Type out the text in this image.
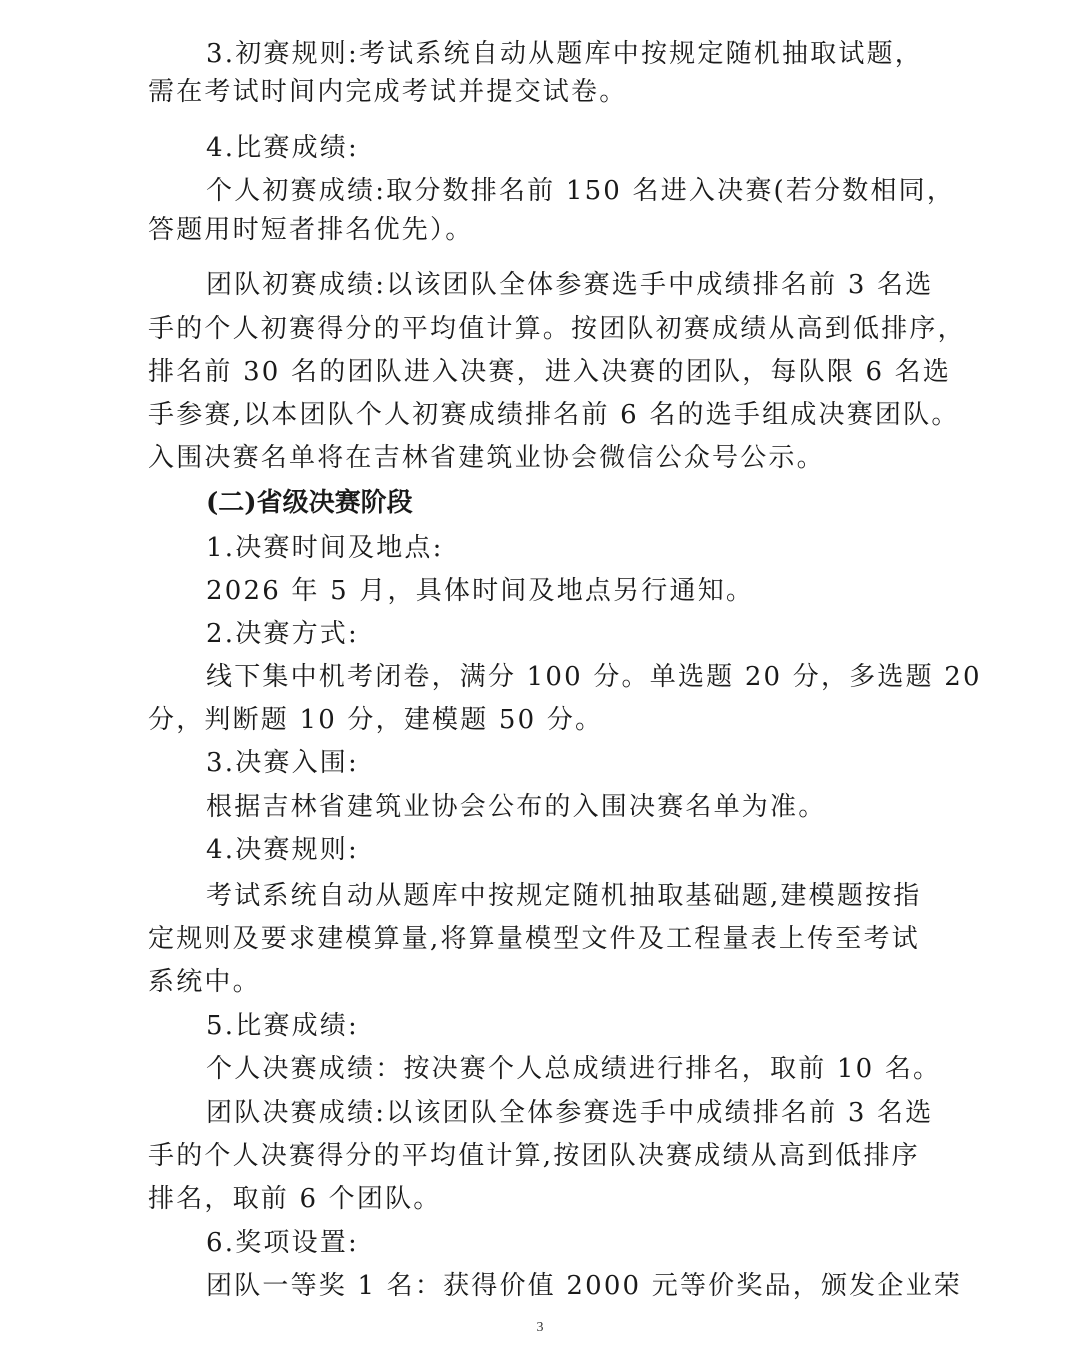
3.初赛规则:考试系统自动从题库中按规定随机抽取试题，
需在考试时间内完成考试并提交试卷。
4.比赛成绩:
个人初赛成绩:取分数排名前 150 名进入决赛(若分数相同，
答题用时短者排名优先）。
团队初赛成绩:以该团队全体参赛选手中成绩排名前 3 名选
手的个人初赛得分的平均值计算。按团队初赛成绩从高到低排序，
排名前 30 名的团队进入决赛，进入决赛的团队，每队限 6 名选
手参赛,以本团队个人初赛成绩排名前 6 名的选手组成决赛团队。
入围决赛名单将在吉林省建筑业协会微信公众号公示。
(二)省级决赛阶段
1.决赛时间及地点:
2026 年 5 月，具体时间及地点另行通知。
2.决赛方式:
线下集中机考闭卷，满分 100 分。单选题 20 分，多选题 20
分，判断题 10 分，建模题 50 分。
3.决赛入围:
根据吉林省建筑业协会公布的入围决赛名单为准。
4.决赛规则:
考试系统自动从题库中按规定随机抽取基础题,建模题按指
定规则及要求建模算量,将算量模型文件及工程量表上传至考试
系统中。
5.比赛成绩:
个人决赛成绩：按决赛个人总成绩进行排名，取前 10 名。
团队决赛成绩:以该团队全体参赛选手中成绩排名前 3 名选
手的个人决赛得分的平均值计算,按团队决赛成绩从高到低排序
排名，取前 6 个团队。
6.奖项设置:
团队一等奖 1 名：获得价值 2000 元等价奖品，颁发企业荣
3
